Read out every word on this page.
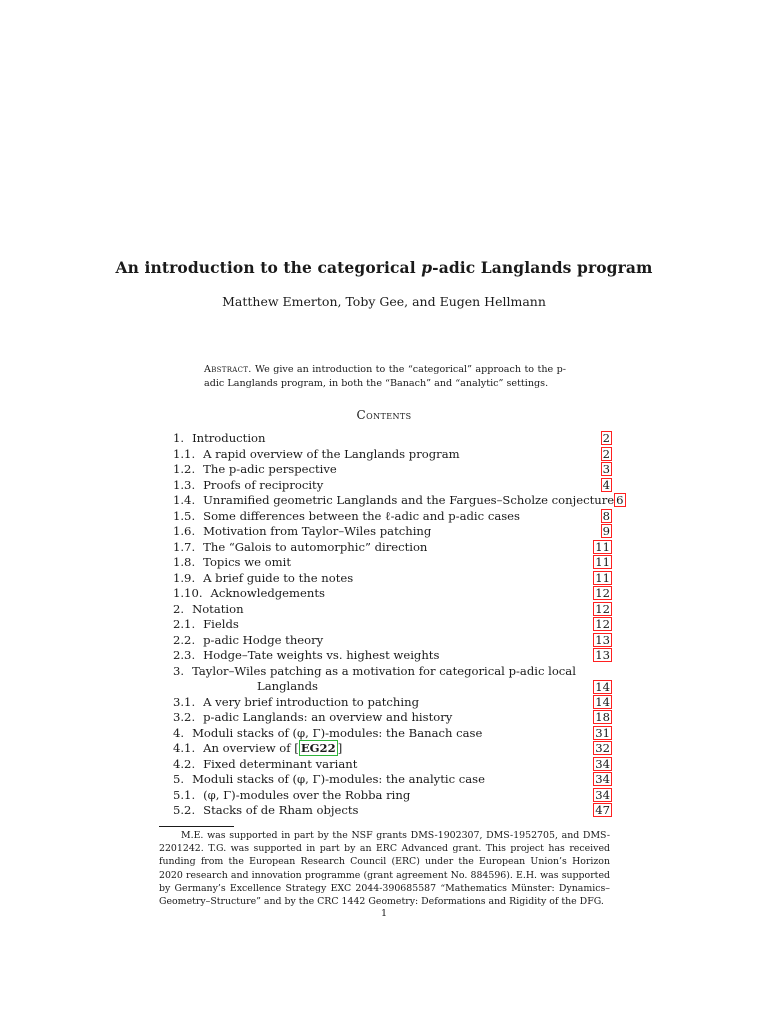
An introduction to the categorical p-adic Langlands program
Matthew Emerton, Toby Gee, and Eugen Hellmann
Abstract. We give an introduction to the “categorical” approach to the p-adic Langlands program, in both the “Banach” and “analytic” settings.
Contents
1. Introduction	2
1.1. A rapid overview of the Langlands program	2
1.2. The p-adic perspective	3
1.3. Proofs of reciprocity	4
1.4. Unramified geometric Langlands and the Fargues–Scholze conjecture 6
1.5. Some differences between the ℓ-adic and p-adic cases	8
1.6. Motivation from Taylor–Wiles patching	9
1.7. The “Galois to automorphic” direction	11
1.8. Topics we omit	11
1.9. A brief guide to the notes	11
1.10. Acknowledgements	12
2. Notation	12
2.1. Fields	12
2.2. p-adic Hodge theory	13
2.3. Hodge–Tate weights vs. highest weights	13
3. Taylor–Wiles patching as a motivation for categorical p-adic local
Langlands	14
3.1. A very brief introduction to patching	14
3.2. p-adic Langlands: an overview and history	18
4. Moduli stacks of (φ, Γ)-modules: the Banach case	31
4.1. An overview of [ EG22 ]	32
4.2. Fixed determinant variant	34
5. Moduli stacks of (φ, Γ)-modules: the analytic case	34
5.1. (φ, Γ)-modules over the Robba ring	34
5.2. Stacks of de Rham objects	47
M.E. was supported in part by the NSF grants DMS-1902307, DMS-1952705, and DMS-2201242. T.G. was supported in part by an ERC Advanced grant. This project has received funding from the European Research Council (ERC) under the European Union’s Horizon 2020 research and innovation programme (grant agreement No. 884596). E.H. was supported by Germany’s Excellence Strategy EXC 2044-390685587 “Mathematics Münster: Dynamics–Geometry–Structure” and by the CRC 1442 Geometry: Deformations and Rigidity of the DFG.
1
